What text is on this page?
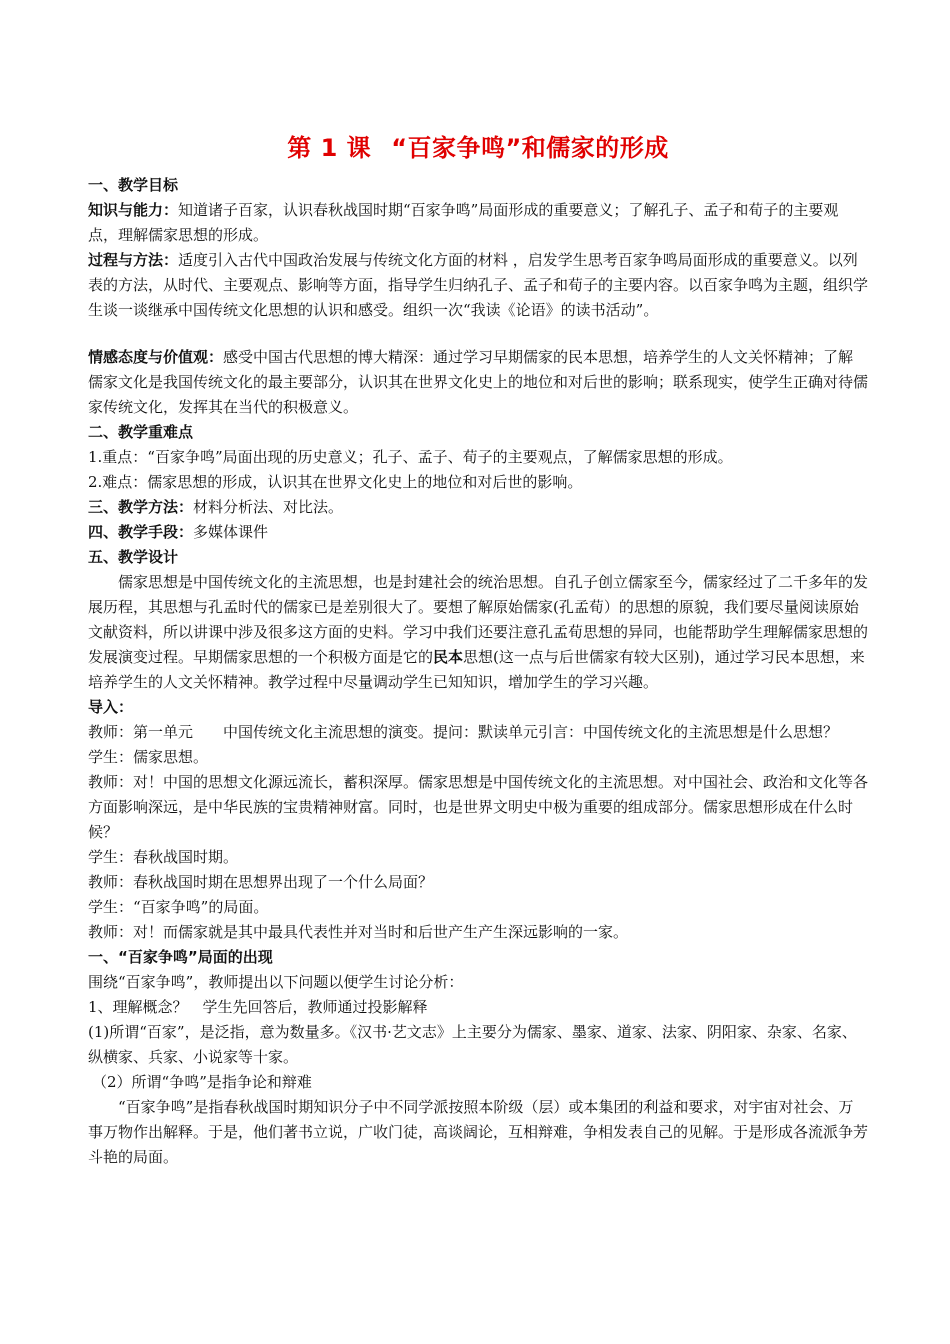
第 1 课 “百家争鸣”和儒家的形成

一、教学目标

知识与能力：知道诸子百家，认识春秋战国时期“百家争鸣”局面形成的重要意义；了解孔子、孟子和荀子的主要观点，理解儒家思想的形成。

过程与方法：适度引入古代中国政治发展与传统文化方面的材料 ，启发学生思考百家争鸣局面形成的重要意义。以列表的方法，从时代、主要观点、影响等方面，指导学生归纳孔子、孟子和荀子的主要内容。以百家争鸣为主题，组织学生谈一谈继承中国传统文化思想的认识和感受。组织一次“我读《论语》的读书活动”。

情感态度与价值观：感受中国古代思想的博大精深：通过学习早期儒家的民本思想，培养学生的人文关怀精神；了解儒家文化是我国传统文化的最主要部分，认识其在世界文化史上的地位和对后世的影响；联系现实，使学生正确对待儒家传统文化，发挥其在当代的积极意义。

二、教学重难点

1.重点：“百家争鸣”局面出现的历史意义；孔子、孟子、荀子的主要观点，了解儒家思想的形成。

2.难点：儒家思想的形成，认识其在世界文化史上的地位和对后世的影响。

三、教学方法：材料分析法、对比法。

四、教学手段：多媒体课件

五、教学设计

儒家思想是中国传统文化的主流思想，也是封建社会的统治思想。自孔子创立儒家至今，儒家经过了二千多年的发展历程，其思想与孔孟时代的儒家已是差别很大了。要想了解原始儒家(孔孟荀）的思想的原貌，我们要尽量阅读原始文献资料，所以讲课中涉及很多这方面的史料。学习中我们还要注意孔孟荀思想的异同，也能帮助学生理解儒家思想的发展演变过程。早期儒家思想的一个积极方面是它的民本思想(这一点与后世儒家有较大区别)，通过学习民本思想，来培养学生的人文关怀精神。教学过程中尽量调动学生已知知识，增加学生的学习兴趣。

导入：

教师：第一单元　　中国传统文化主流思想的演变。提问：默读单元引言：中国传统文化的主流思想是什么思想？

学生：儒家思想。

教师：对！中国的思想文化源远流长，蓄积深厚。儒家思想是中国传统文化的主流思想。对中国社会、政治和文化等各方面影响深远，是中华民族的宝贵精神财富。同时，也是世界文明史中极为重要的组成部分。儒家思想形成在什么时候？

学生：春秋战国时期。

教师：春秋战国时期在思想界出现了一个什么局面？

学生：“百家争鸣”的局面。

教师：对！而儒家就是其中最具代表性并对当时和后世产生产生深远影响的一家。

一、“百家争鸣”局面的出现

围绕“百家争鸣”，教师提出以下问题以便学生讨论分析：

1、理解概念？　学生先回答后，教师通过投影解释

(1)所谓“百家”，是泛指，意为数量多。《汉书·艺文志》上主要分为儒家、墨家、道家、法家、阴阳家、杂家、名家、纵横家、兵家、小说家等十家。

（2）所谓“争鸣”是指争论和辩难

“百家争鸣”是指春秋战国时期知识分子中不同学派按照本阶级（层）或本集团的利益和要求，对宇宙对社会、万事万物作出解释。于是，他们著书立说，广收门徒，高谈阔论，互相辩难，争相发表自己的见解。于是形成各流派争芳斗艳的局面。
